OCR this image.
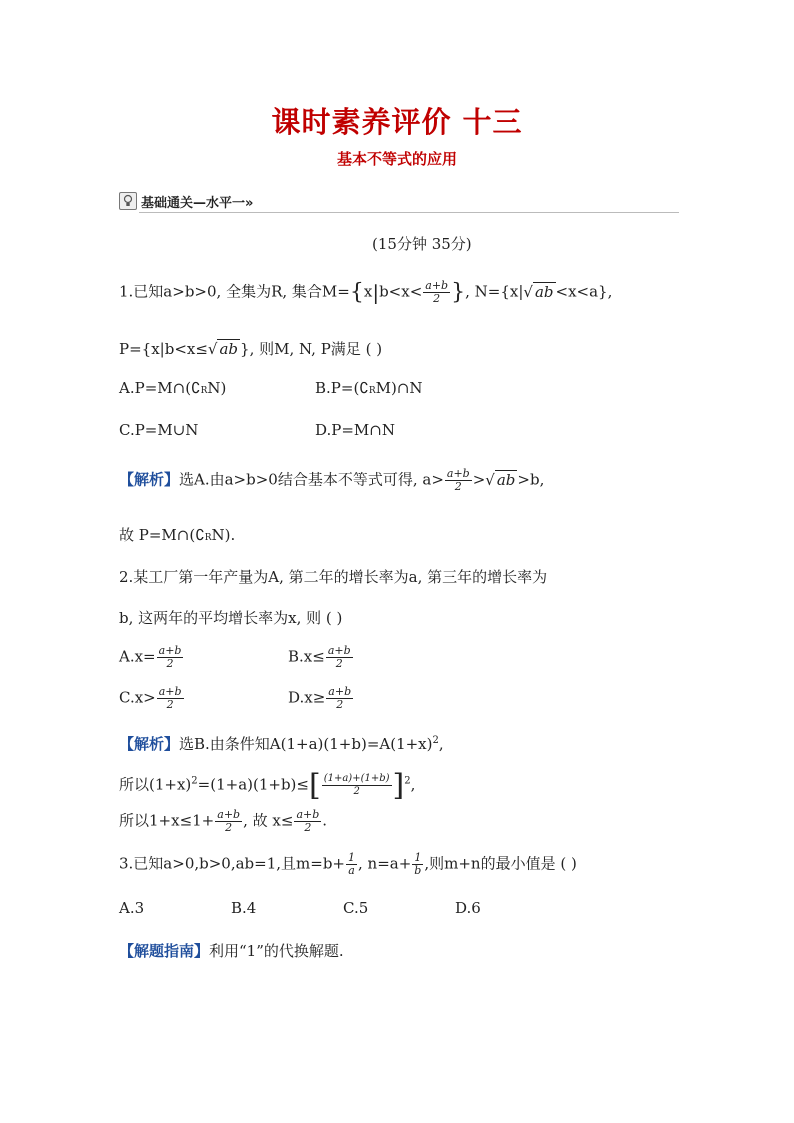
课时素养评价 十三
基本不等式的应用
基础通关—水平一»
(15分钟 35分)
1.已知a>b>0, 全集为R, 集合$M=\{x|b<x< \frac{a+b}{2}$ }, N={x|√ ab <x<a},
P={x|b<x≤√ ab }, 则M, N, P满足 ( )
A.P=M∩(∁RN)	B.P=(∁RM)∩N
C.P=M∪N	D.P=M∩N
【解析】选A.由a>b>0结合基本不等式可得, $a> \frac{a+b}{2}$ >√ ab >b,
故 P=M∩(∁RN).
2.某工厂第一年产量为A, 第二年的增长率为a, 第三年的增长率为
b, 这两年的平均增长率为x, 则 ( )
$A.x= \frac{a+b}{2}$	$B.x\le \frac{a+b}{2}$
$C.x> \frac{a+b}{2}$	$D.x\ge \frac{a+b}{2}$
【解析】选B.由条件知$A(1+a)(1+b)=A(1+x)^2$,
所以$(1+x)^2=(1+a)(1+b)\le[ \frac{(1+a)+(1+b)}{2} ]^2$,
所以$1+x\le 1+ \frac{a+b}{2}$ , 故 $x\le \frac{a+b}{2}$ .
3.已知a>0,b>0,ab=1,且$m=b+ \frac{1}{a}$ , $n=a+ \frac{1}{b}$ ,则m+n的最小值是 ( )
A.3	B.4	C.5	D.6
【解题指南】利用“1”的代换解题.
